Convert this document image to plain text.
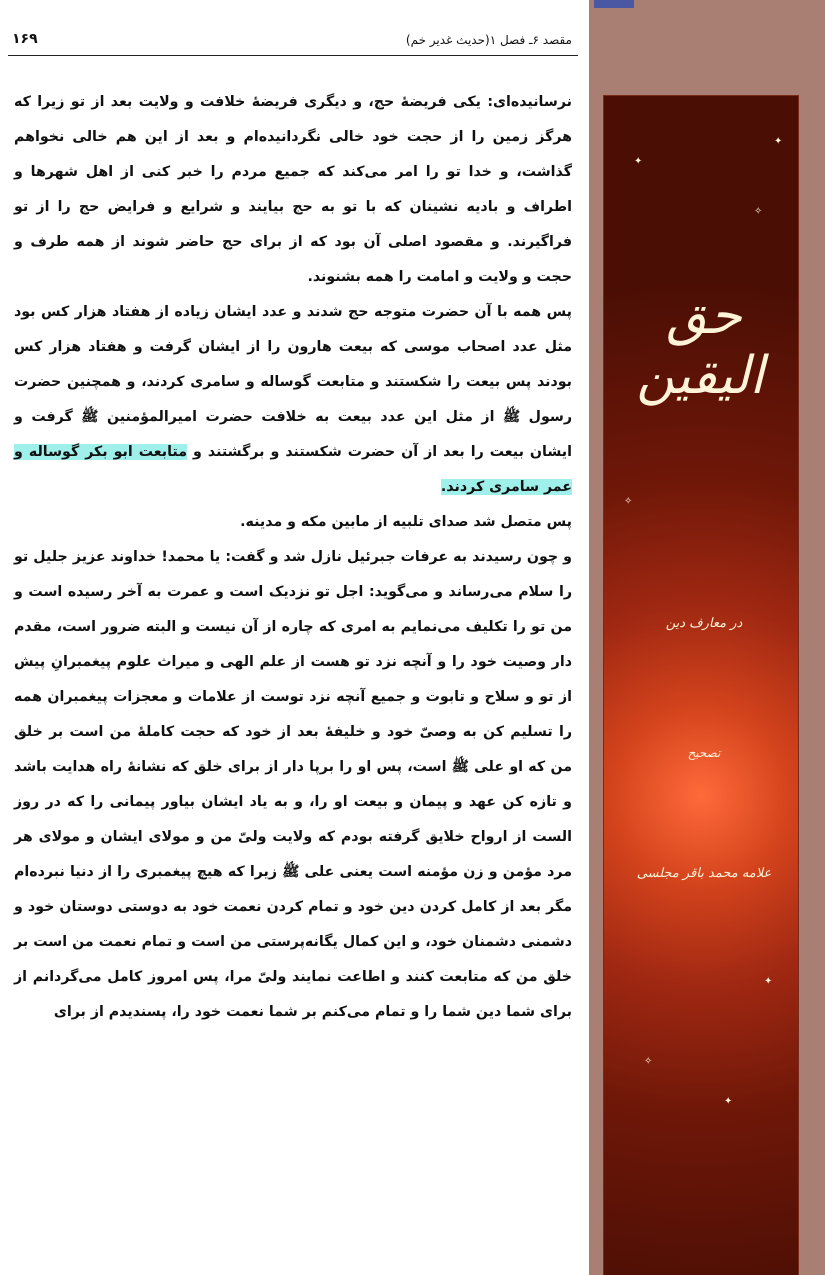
مقصد ۶ـ فصل ۱(حدیث غدیر خم)
۱۶۹

نرسانیده‌ای: یکی فریضهٔ حج، و دیگری فریضهٔ خلافت و ولایت بعد از تو زیرا که هرگز زمین را از حجت خود خالی نگردانیده‌ام و بعد از این هم خالی نخواهم گذاشت، و خدا تو را امر می‌کند که جمیع مردم را خبر کنی از اهل شهرها و اطراف و بادیه نشینان که با تو به حج بیایند و شرایع و فرایض حج را از تو فراگیرند. و مقصود اصلی آن بود که از برای حج حاضر شوند از همه طرف و حجت و ولایت و امامت را همه بشنوند.

پس همه با آن حضرت متوجه حج شدند و عدد ایشان زیاده از هفتاد هزار کس بود مثل عدد اصحاب موسی که بیعت هارون را از ایشان گرفت و هفتاد هزار کس بودند پس بیعت را شکستند و متابعت گوساله و سامری کردند، و همچنین حضرت رسول ﷺ از مثل این عدد بیعت به خلافت حضرت امیرالمؤمنین ﷺ گرفت و ایشان بیعت را بعد از آن حضرت شکستند و برگشتند و متابعت ابو بکر گوساله و عمر سامری کردند.

پس متصل شد صدای تلبیه از مابین مکه و مدینه.

و چون رسیدند به عرفات جبرئیل نازل شد و گفت: یا محمد! خداوند عزیز جلیل تو را سلام می‌رساند و می‌گوید: اجل تو نزدیک است و عمرت به آخر رسیده است و من تو را تکلیف می‌نمایم به امری که چاره از آن نیست و البته ضرور است، مقدم دار وصیت خود را و آنچه نزد تو هست از علم الهی و میراث علوم پیغمبرانِ پیش از تو و سلاح و تابوت و جمیع آنچه نزد توست از علامات و معجزات پیغمبران همه را تسلیم کن به وصیّ خود و خلیفهٔ بعد از خود که حجت کاملهٔ من است بر خلق من که او علی ﷺ است، پس او را برپا دار از برای خلق که نشانهٔ راه هدایت باشد و تازه کن عهد و پیمان و بیعت او را، و به یاد ایشان بیاور پیمانی را که در روز الست از ارواح خلایق گرفته بودم که ولایت ولیّ من و مولای ایشان و مولای هر مرد مؤمن و زن مؤمنه است یعنی علی ﷺ زیرا که هیچ پیغمبری را از دنیا نبرده‌ام مگر بعد از کامل کردن دین خود و تمام کردن نعمت خود به دوستی دوستان خود و دشمنی دشمنان خود، و این کمال یگانه‌پرستی من است و تمام نعمت من است بر خلق من که متابعت کنند و اطاعت نمایند ولیّ مرا، پس امروز کامل می‌گردانم از برای شما دین شما را و تمام می‌کنم بر شما نعمت خود را، پسندیدم از برای

✦
✧
✦
✧
✦
✧
✦
حق الیقین
در معارف دین
تصحیح
علامه محمد باقر مجلسی
